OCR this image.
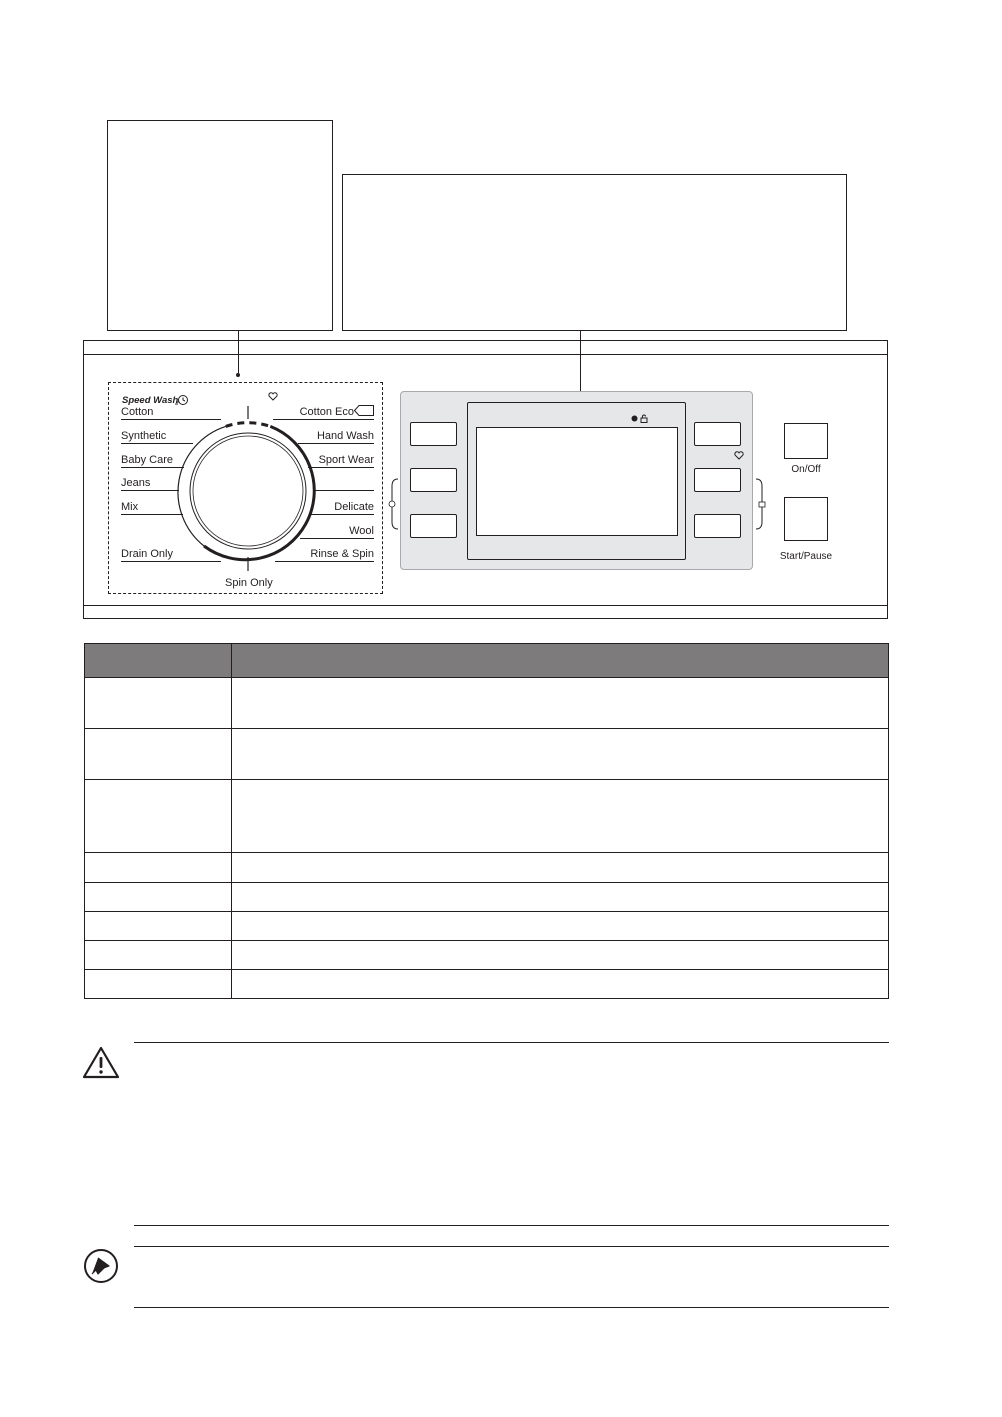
Speed Wash
Cotton
Synthetic
Baby Care
Jeans
Mix
Drain Only
Cotton Eco
Hand Wash
Sport Wear
Delicate
Wool
Rinse & Spin
Spin Only
On/Off
Start/Pause
